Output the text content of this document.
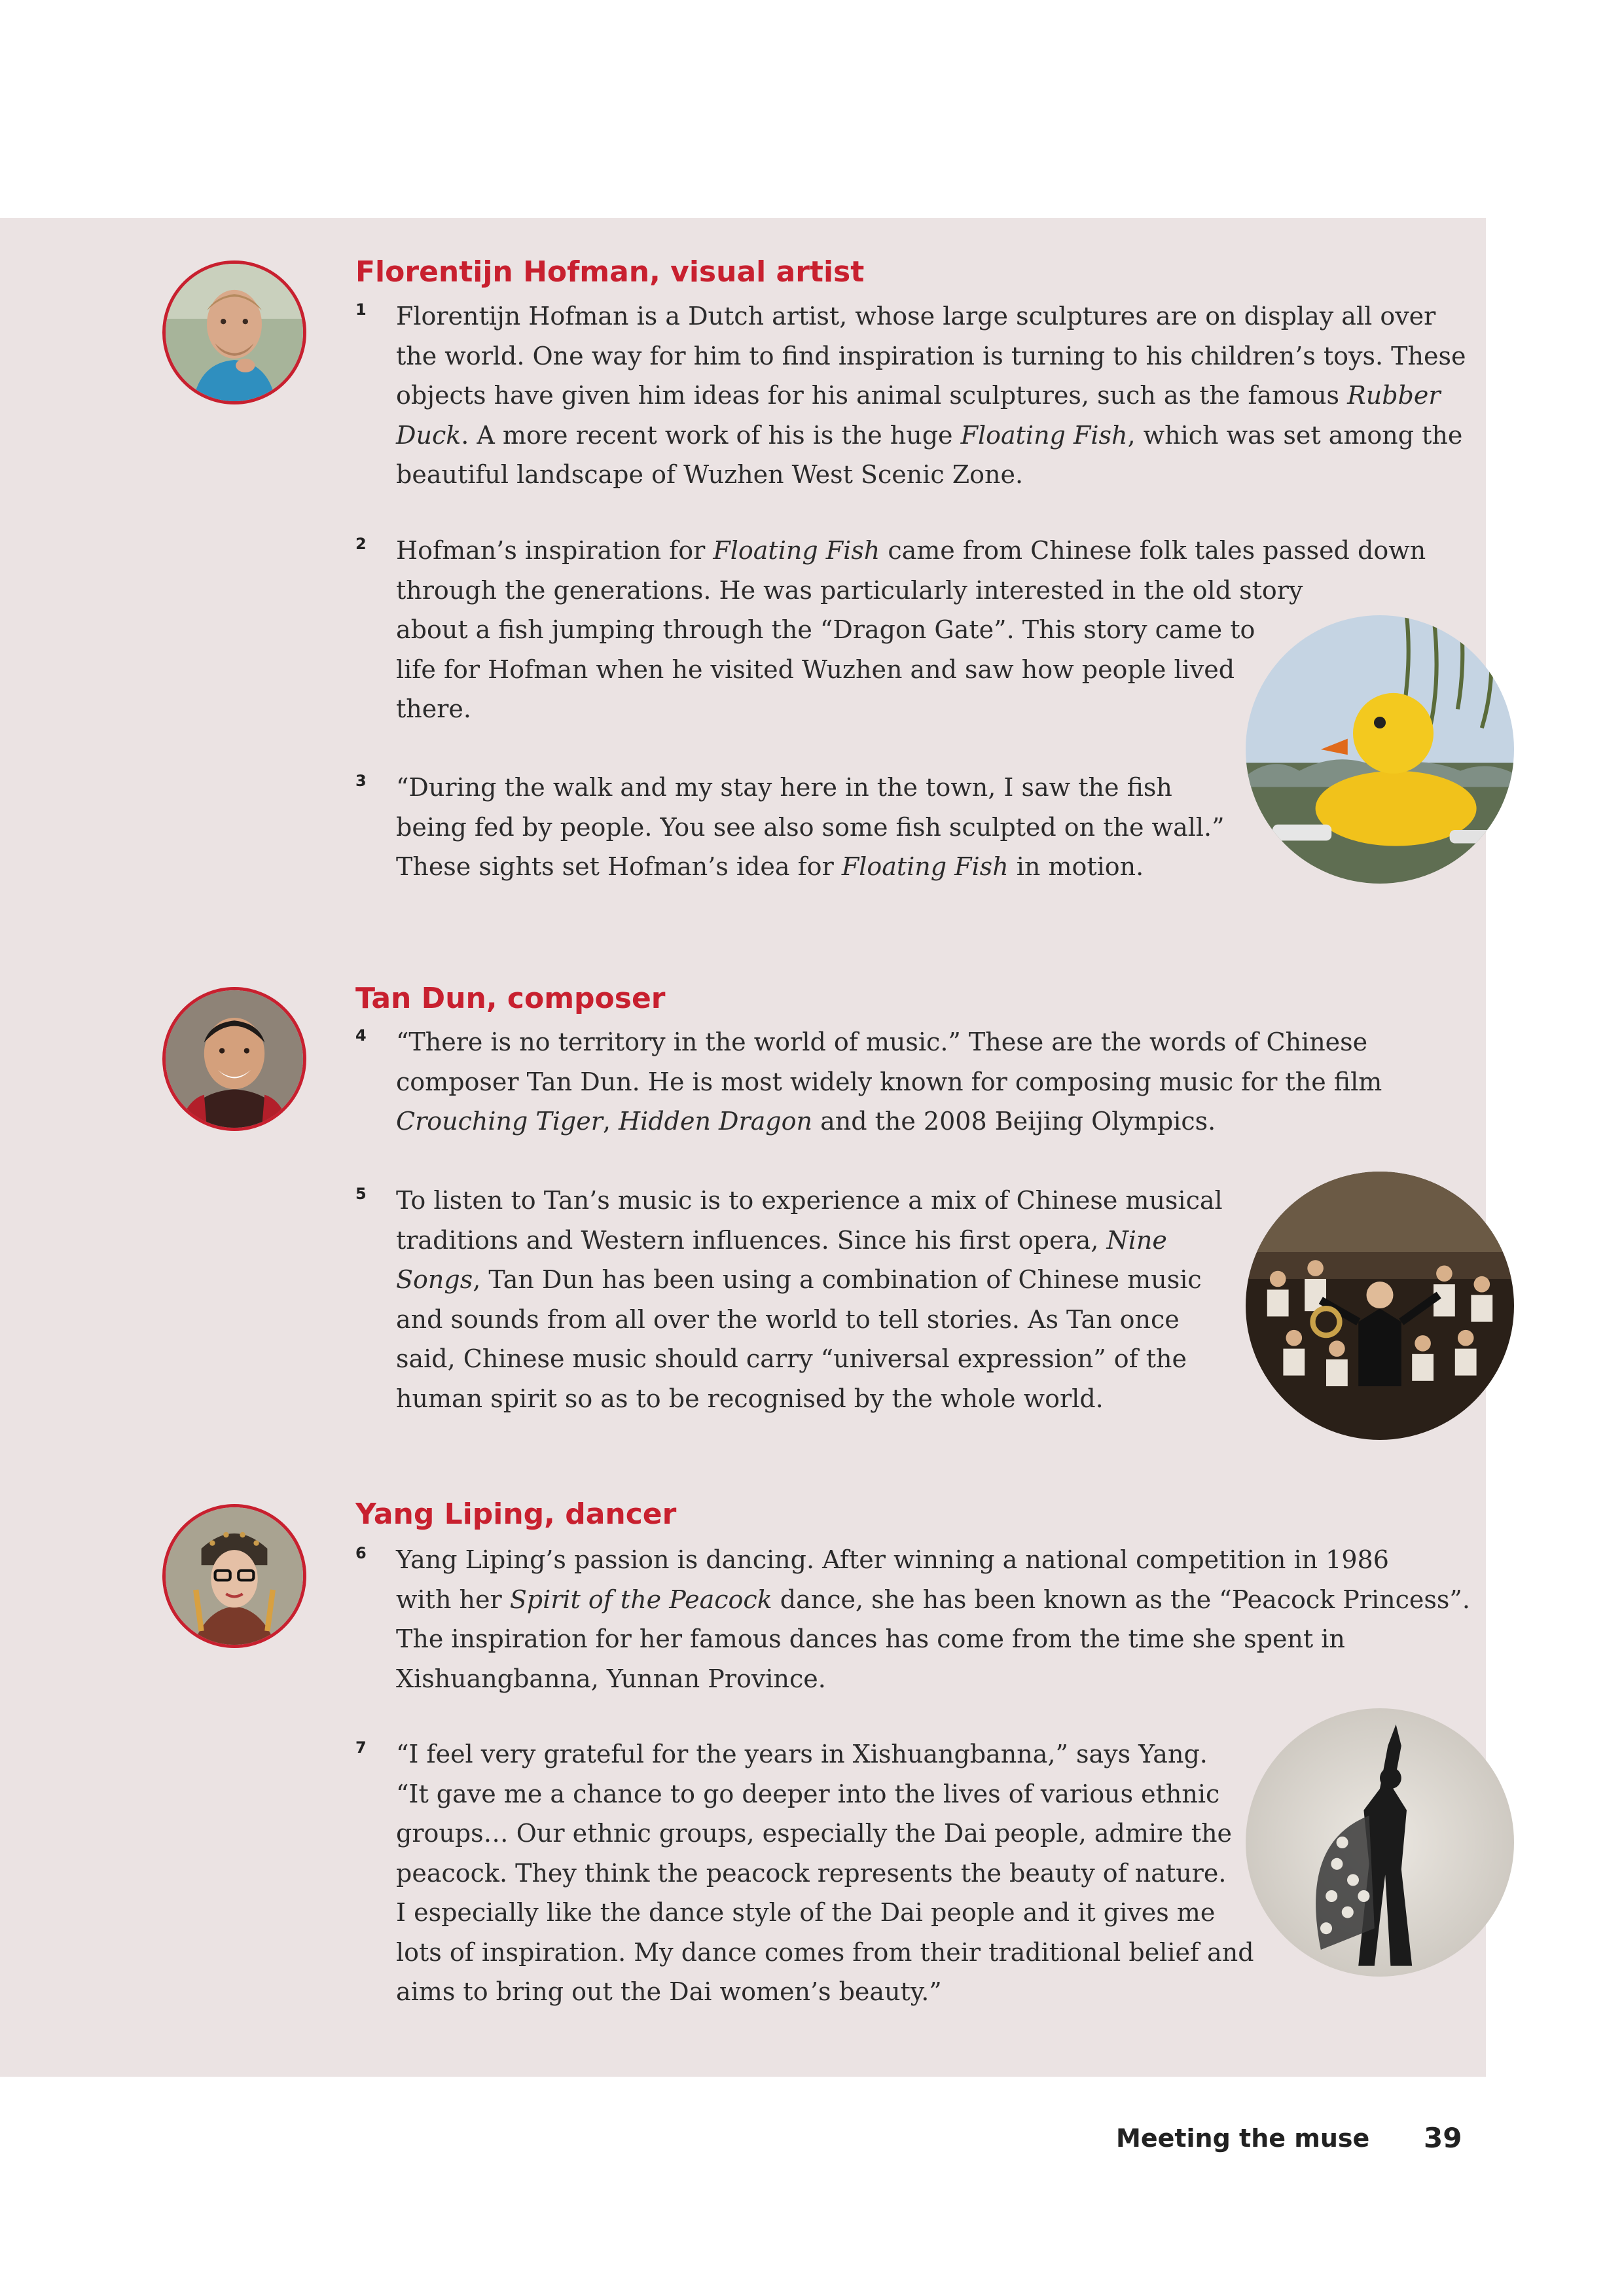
Florentijn Hofman, visual artist
1 Florentijn Hofman is a Dutch artist, whose large sculptures are on display all over
the world. One way for him to find inspiration is turning to his children’s toys. These
objects have given him ideas for his animal sculptures, such as the famous Rubber
Duck. A more recent work of his is the huge Floating Fish, which was set among the
beautiful landscape of Wuzhen West Scenic Zone.

2 Hofman’s inspiration for Floating Fish came from Chinese folk tales passed down
through the generations. He was particularly interested in the old story
about a fish jumping through the “Dragon Gate”. This story came to
life for Hofman when he visited Wuzhen and saw how people lived
there.

3 “During the walk and my stay here in the town, I saw the fish
being fed by people. You see also some fish sculpted on the wall.”
These sights set Hofman’s idea for Floating Fish in motion.

Tan Dun, composer
4 “There is no territory in the world of music.” These are the words of Chinese
composer Tan Dun. He is most widely known for composing music for the film
Crouching Tiger, Hidden Dragon and the 2008 Beijing Olympics.

5 To listen to Tan’s music is to experience a mix of Chinese musical
traditions and Western influences. Since his first opera, Nine
Songs, Tan Dun has been using a combination of Chinese music
and sounds from all over the world to tell stories. As Tan once
said, Chinese music should carry “universal expression” of the
human spirit so as to be recognised by the whole world.

Yang Liping, dancer
6 Yang Liping’s passion is dancing. After winning a national competition in 1986
with her Spirit of the Peacock dance, she has been known as the “Peacock Princess”.
The inspiration for her famous dances has come from the time she spent in
Xishuangbanna, Yunnan Province.

7 “I feel very grateful for the years in Xishuangbanna,” says Yang.
“It gave me a chance to go deeper into the lives of various ethnic
groups… Our ethnic groups, especially the Dai people, admire the
peacock. They think the peacock represents the beauty of nature.
I especially like the dance style of the Dai people and it gives me
lots of inspiration. My dance comes from their traditional belief and
aims to bring out the Dai women’s beauty.”

Meeting the muse 39
